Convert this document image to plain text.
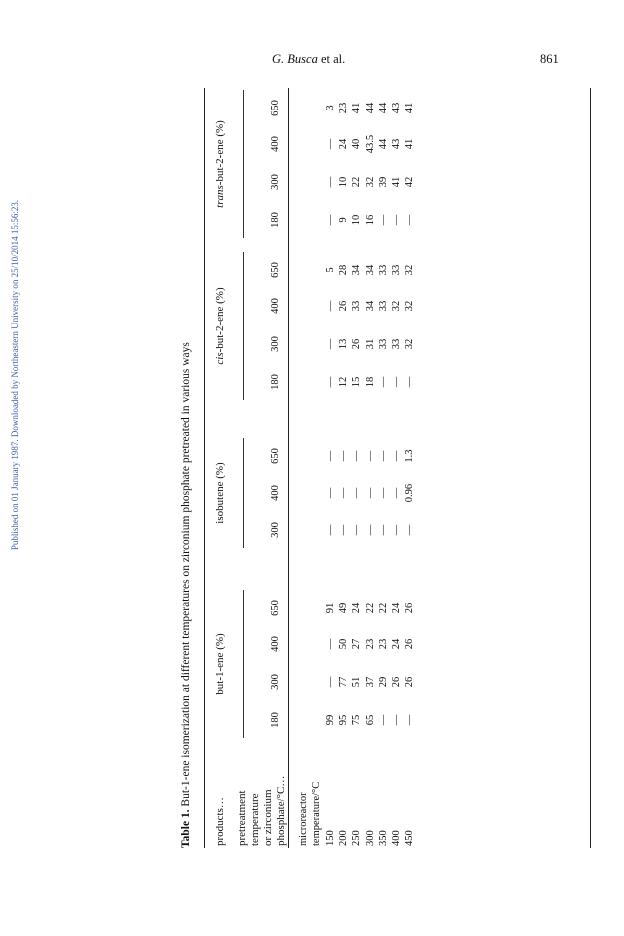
Published on 01 January 1987. Downloaded by Northeastern University on 25/10/2014 15:56:23.
G. Busca et al.	861
Table 1. But-1-ene isomerization at different temperatures on zirconium phosphate pretreated in various ways
products… pretreatment temperature or zirconium phosphate/°C…
but-1-ene (%)
isobutene (%)
cis-but-2-ene (%)
trans-but-2-ene (%)
microreactor temperature/°C 150
99
—
—
91
—
—
—
—
—
—
5
—
—
—
3
200
95
77
50
49
—
—
—
12
13
26
28
9
10
24
23
250
75
51
27
24
—
—
—
15
26
33
34
10
22
40
41
300
65
37
23
22
—
—
—
18
31
34
34
16
32
43.5
44
350
—
29
23
22
—
—
—
—
33
33
33
—
39
44
44
400
—
26
24
24
—
—
—
—
33
32
33
—
41
43
43
450
—
26
26
26
—
0.96
1.3
—
32
32
32
—
42
41
41
180
300
400
650
300
400
650
180
300
400
650
180
300
400
650
